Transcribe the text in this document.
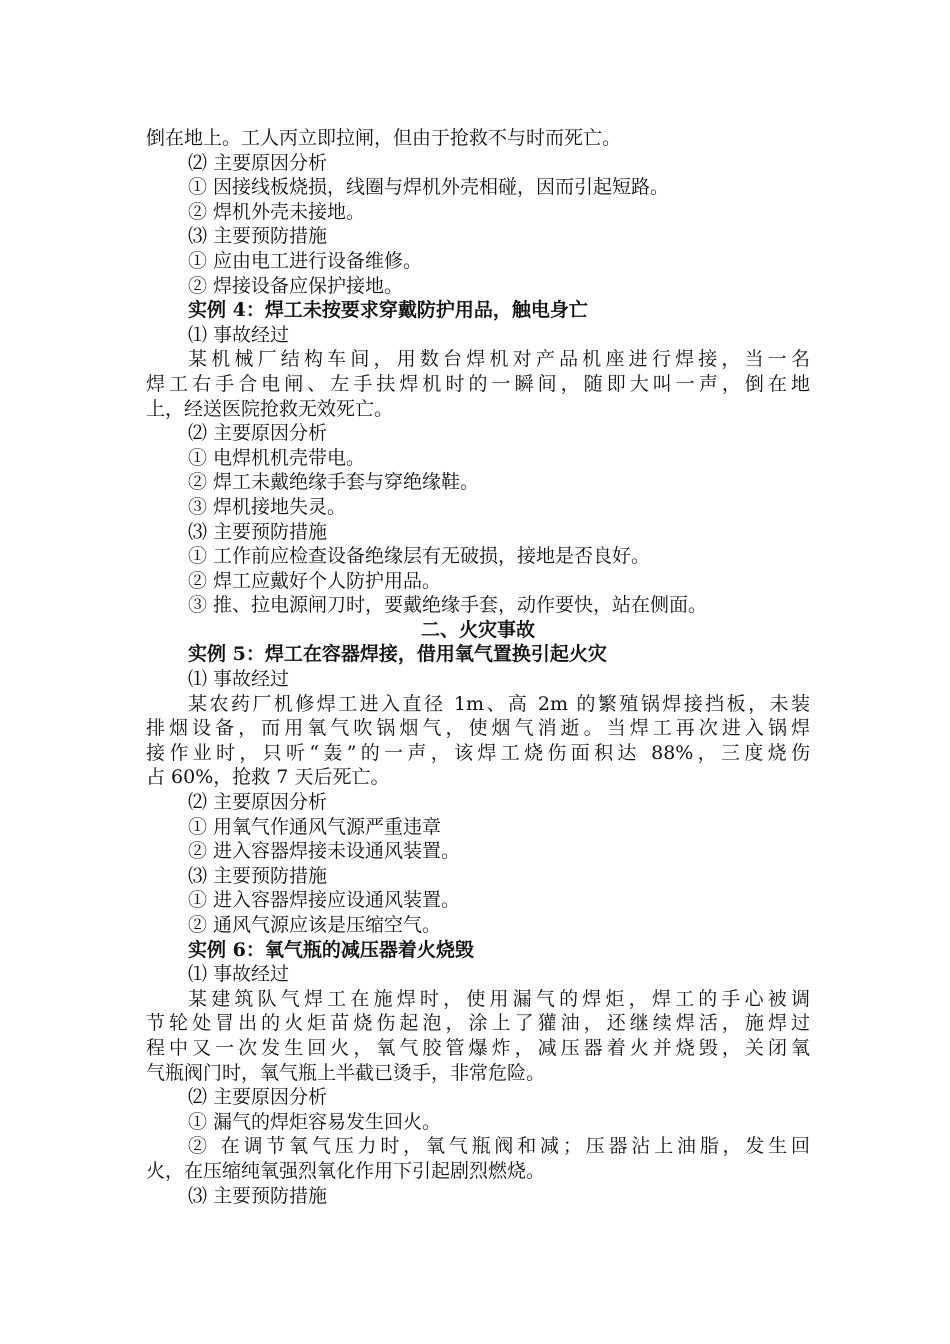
倒在地上。工人丙立即拉闸，但由于抢救不与时而死亡。
⑵ 主要原因分析
① 因接线板烧损，线圈与焊机外壳相碰，因而引起短路。
② 焊机外壳未接地。
⑶ 主要预防措施
① 应由电工进行设备维修。
② 焊接设备应保护接地。
实例 4：焊工未按要求穿戴防护用品，触电身亡
⑴ 事故经过
某机械厂结构车间，用数台焊机对产品机座进行焊接，当一名
焊工右手合电闸、左手扶焊机时的一瞬间，随即大叫一声，倒在地
上，经送医院抢救无效死亡。
⑵ 主要原因分析
① 电焊机机壳带电。
② 焊工未戴绝缘手套与穿绝缘鞋。
③ 焊机接地失灵。
⑶ 主要预防措施
① 工作前应检查设备绝缘层有无破损，接地是否良好。
② 焊工应戴好个人防护用品。
③ 推、拉电源闸刀时，要戴绝缘手套，动作要快，站在侧面。
二、火灾事故
实例 5：焊工在容器焊接，借用氧气置换引起火灾
⑴ 事故经过
某农药厂机修焊工进入直径 1m、高 2m 的繁殖锅焊接挡板，未装
排烟设备，而用氧气吹锅烟气，使烟气消逝。当焊工再次进入锅焊
接作业时，只听“轰”的一声，该焊工烧伤面积达 88%，三度烧伤
占 60%，抢救 7 天后死亡。
⑵ 主要原因分析
① 用氧气作通风气源严重违章
② 进入容器焊接未设通风装置。
⑶ 主要预防措施
① 进入容器焊接应设通风装置。
② 通风气源应该是压缩空气。
实例 6：氧气瓶的减压器着火烧毁
⑴ 事故经过
某建筑队气焊工在施焊时，使用漏气的焊炬，焊工的手心被调
节轮处冒出的火炬苗烧伤起泡，涂上了獾油，还继续焊活，施焊过
程中又一次发生回火，氧气胶管爆炸，减压器着火并烧毁，关闭氧
气瓶阀门时，氧气瓶上半截已烫手，非常危险。
⑵ 主要原因分析
① 漏气的焊炬容易发生回火。
② 在调节氧气压力时，氧气瓶阀和减；压器沾上油脂，发生回
火，在压缩纯氧强烈氧化作用下引起剧烈燃烧。
⑶ 主要预防措施
